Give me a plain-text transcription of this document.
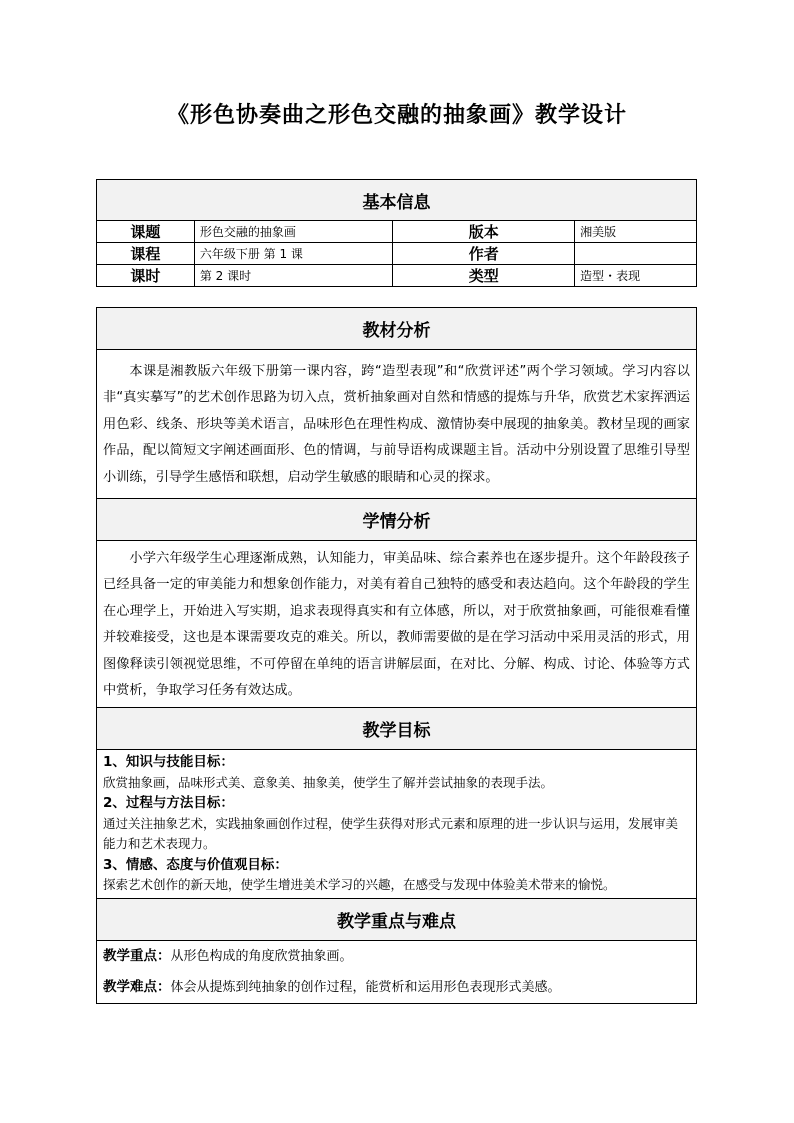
《形色协奏曲之形色交融的抽象画》教学设计
基本信息			
课题	形色交融的抽象画	版本	湘美版
课程	六年级下册 第 1 课	作者	
课时	第 2 课时	类型	造型・表现
教材分析

本课是湘教版六年级下册第一课内容，跨“造型表现”和“欣赏评述”两个学习领域。学习内容以非“真实摹写”的艺术创作思路为切入点，赏析抽象画对自然和情感的提炼与升华，欣赏艺术家挥洒运用色彩、线条、形块等美术语言，品味形色在理性构成、激情协奏中展现的抽象美。教材呈现的画家作品，配以简短文字阐述画面形、色的情调，与前导语构成课题主旨。活动中分别设置了思维引导型小训练，引导学生感悟和联想，启动学生敏感的眼睛和心灵的探求。

学情分析

小学六年级学生心理逐渐成熟，认知能力，审美品味、综合素养也在逐步提升。这个年龄段孩子已经具备一定的审美能力和想象创作能力，对美有着自己独特的感受和表达趋向。这个年龄段的学生在心理学上，开始进入写实期，追求表现得真实和有立体感，所以，对于欣赏抽象画，可能很难看懂并较难接受，这也是本课需要攻克的难关。所以，教师需要做的是在学习活动中采用灵活的形式，用图像释读引领视觉思维，不可停留在单纯的语言讲解层面，在对比、分解、构成、讨论、体验等方式中赏析，争取学习任务有效达成。

教学目标

1、知识与技能目标：
欣赏抽象画，品味形式美、意象美、抽象美，使学生了解并尝试抽象的表现手法。
2、过程与方法目标：
通过关注抽象艺术，实践抽象画创作过程，使学生获得对形式元素和原理的进一步认识与运用，发展审美能力和艺术表现力。
3、情感、态度与价值观目标：
探索艺术创作的新天地，使学生增进美术学习的兴趣，在感受与发现中体验美术带来的愉悦。

教学重点与难点

教学重点：从形色构成的角度欣赏抽象画。
教学难点：体会从提炼到纯抽象的创作过程，能赏析和运用形色表现形式美感。
